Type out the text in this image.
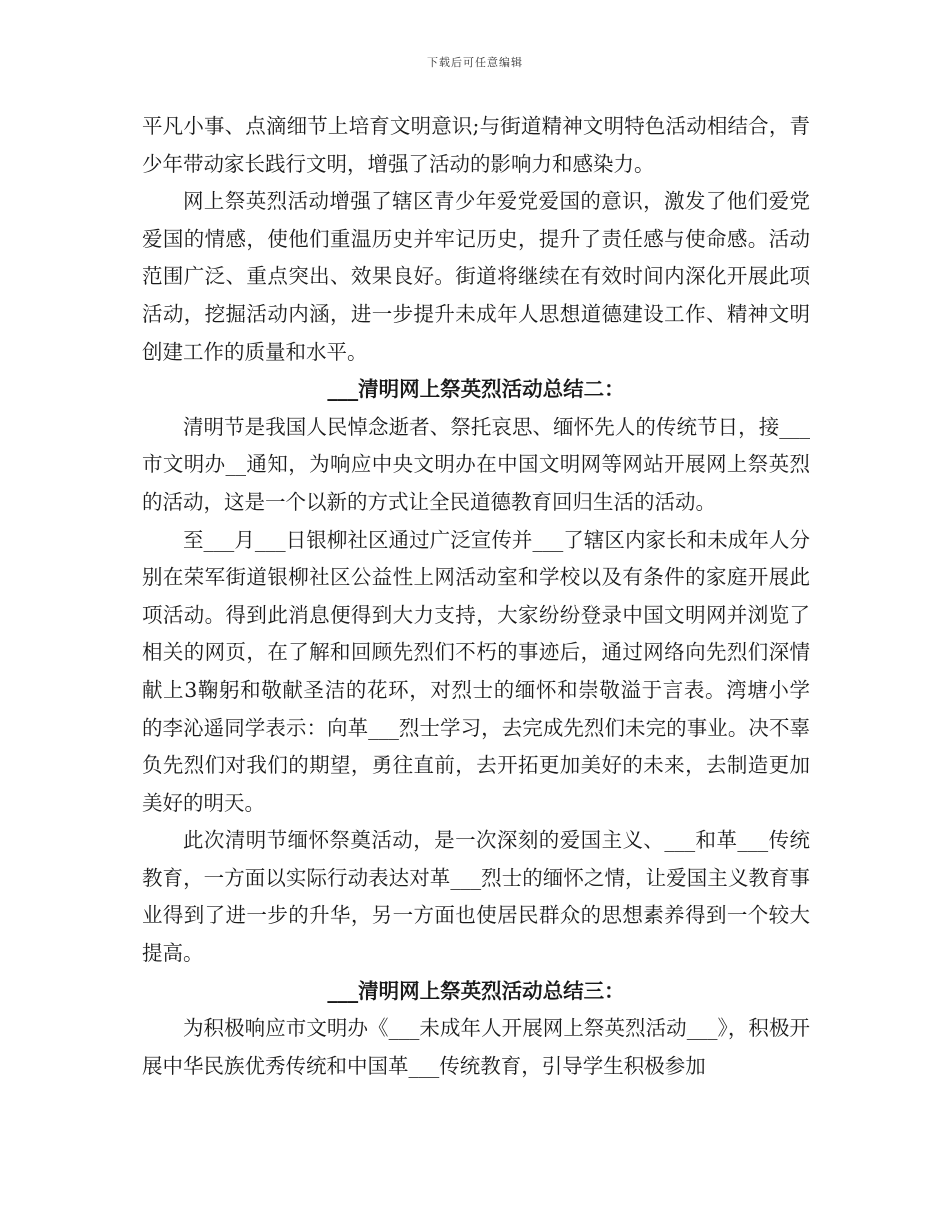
下载后可任意编辑

平凡小事、点滴细节上培育文明意识;与街道精神文明特色活动相结合，青少年带动家长践行文明，增强了活动的影响力和感染力。

网上祭英烈活动增强了辖区青少年爱党爱国的意识，激发了他们爱党爱国的情感，使他们重温历史并牢记历史，提升了责任感与使命感。活动范围广泛、重点突出、效果良好。街道将继续在有效时间内深化开展此项活动，挖掘活动内涵，进一步提升未成年人思想道德建设工作、精神文明创建工作的质量和水平。

___清明网上祭英烈活动总结二：

清明节是我国人民悼念逝者、祭托哀思、缅怀先人的传统节日，接___市文明办__通知，为响应中央文明办在中国文明网等网站开展网上祭英烈的活动，这是一个以新的方式让全民道德教育回归生活的活动。

至___月___日银柳社区通过广泛宣传并___了辖区内家长和未成年人分别在荣军街道银柳社区公益性上网活动室和学校以及有条件的家庭开展此项活动。得到此消息便得到大力支持，大家纷纷登录中国文明网并浏览了相关的网页，在了解和回顾先烈们不朽的事迹后，通过网络向先烈们深情献上3鞠躬和敬献圣洁的花环，对烈士的缅怀和崇敬溢于言表。湾塘小学的李沁遥同学表示：向革___烈士学习，去完成先烈们未完的事业。决不辜负先烈们对我们的期望，勇往直前，去开拓更加美好的未来，去制造更加美好的明天。

此次清明节缅怀祭奠活动，是一次深刻的爱国主义、___和革___传统教育，一方面以实际行动表达对革___烈士的缅怀之情，让爱国主义教育事业得到了进一步的升华，另一方面也使居民群众的思想素养得到一个较大提高。

___清明网上祭英烈活动总结三：

为积极响应市文明办《___未成年人开展网上祭英烈活动___》，积极开展中华民族优秀传统和中国革___传统教育，引导学生积极参加
